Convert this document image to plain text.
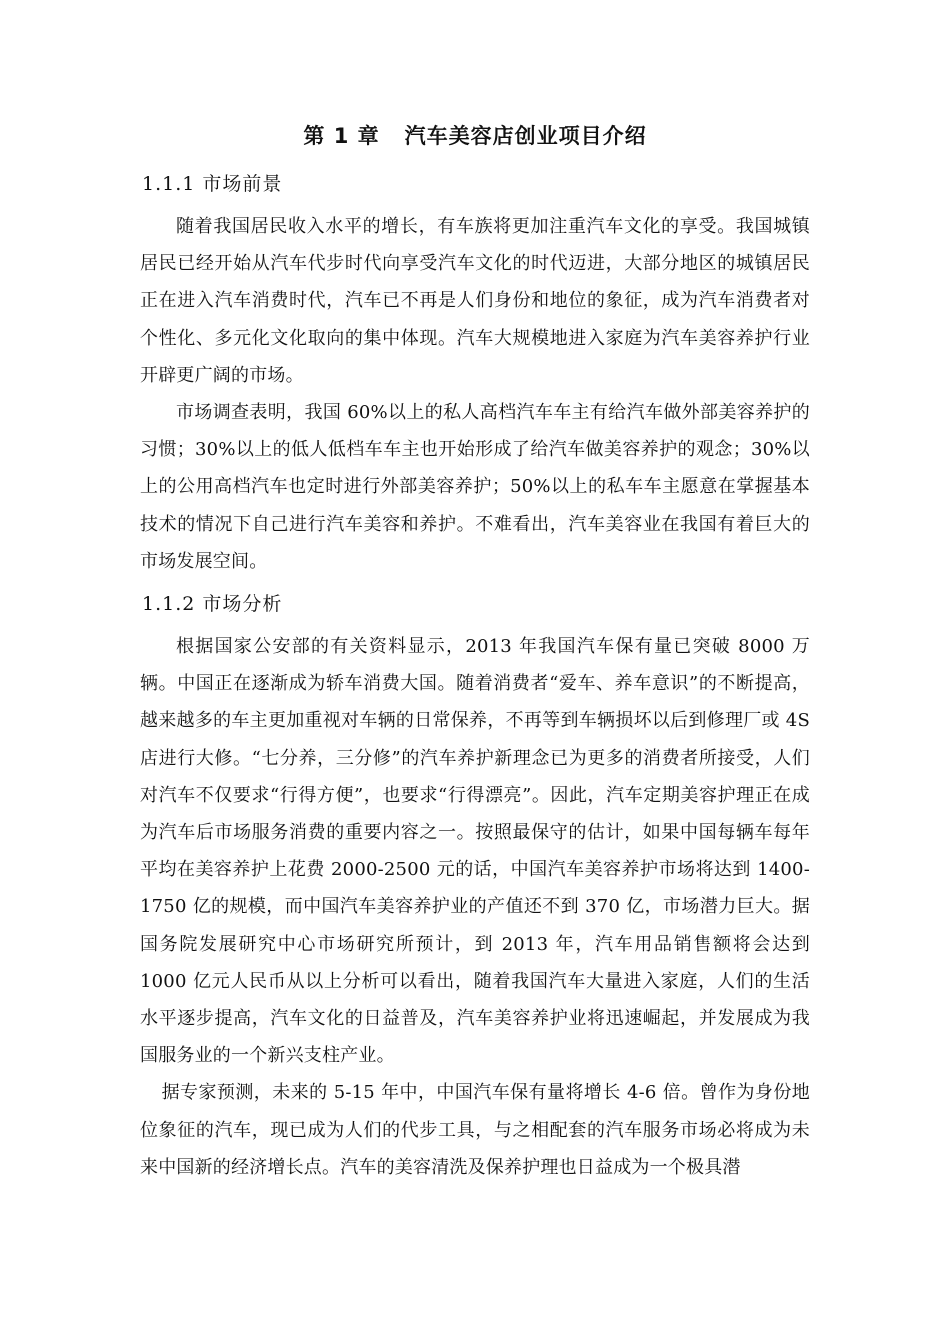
第 1 章   汽车美容店创业项目介绍
1.1.1 市场前景

随着我国居民收入水平的增长，有车族将更加注重汽车文化的享受。我国城镇居民已经开始从汽车代步时代向享受汽车文化的时代迈进，大部分地区的城镇居民正在进入汽车消费时代，汽车已不再是人们身份和地位的象征，成为汽车消费者对个性化、多元化文化取向的集中体现。汽车大规模地进入家庭为汽车美容养护行业开辟更广阔的市场。

市场调查表明，我国 60%以上的私人高档汽车车主有给汽车做外部美容养护的习惯；30%以上的低人低档车车主也开始形成了给汽车做美容养护的观念；30%以上的公用高档汽车也定时进行外部美容养护；50%以上的私车车主愿意在掌握基本技术的情况下自己进行汽车美容和养护。不难看出，汽车美容业在我国有着巨大的市场发展空间。

1.1.2 市场分析

根据国家公安部的有关资料显示，2013 年我国汽车保有量已突破 8000 万辆。中国正在逐渐成为轿车消费大国。随着消费者“爱车、养车意识”的不断提高，越来越多的车主更加重视对车辆的日常保养，不再等到车辆损坏以后到修理厂或 4S 店进行大修。“七分养，三分修”的汽车养护新理念已为更多的消费者所接受，人们对汽车不仅要求“行得方便”，也要求“行得漂亮”。因此，汽车定期美容护理正在成为汽车后市场服务消费的重要内容之一。按照最保守的估计，如果中国每辆车每年平均在美容养护上花费 2000-2500 元的话，中国汽车美容养护市场将达到 1400-1750 亿的规模，而中国汽车美容养护业的产值还不到 370 亿，市场潜力巨大。据国务院发展研究中心市场研究所预计，到 2013 年，汽车用品销售额将会达到 1000 亿元人民币从以上分析可以看出，随着我国汽车大量进入家庭，人们的生活水平逐步提高，汽车文化的日益普及，汽车美容养护业将迅速崛起，并发展成为我国服务业的一个新兴支柱产业。

据专家预测，未来的 5-15 年中，中国汽车保有量将增长 4-6 倍。曾作为身份地位象征的汽车，现已成为人们的代步工具，与之相配套的汽车服务市场必将成为未来中国新的经济增长点。汽车的美容清洗及保养护理也日益成为一个极具潜
